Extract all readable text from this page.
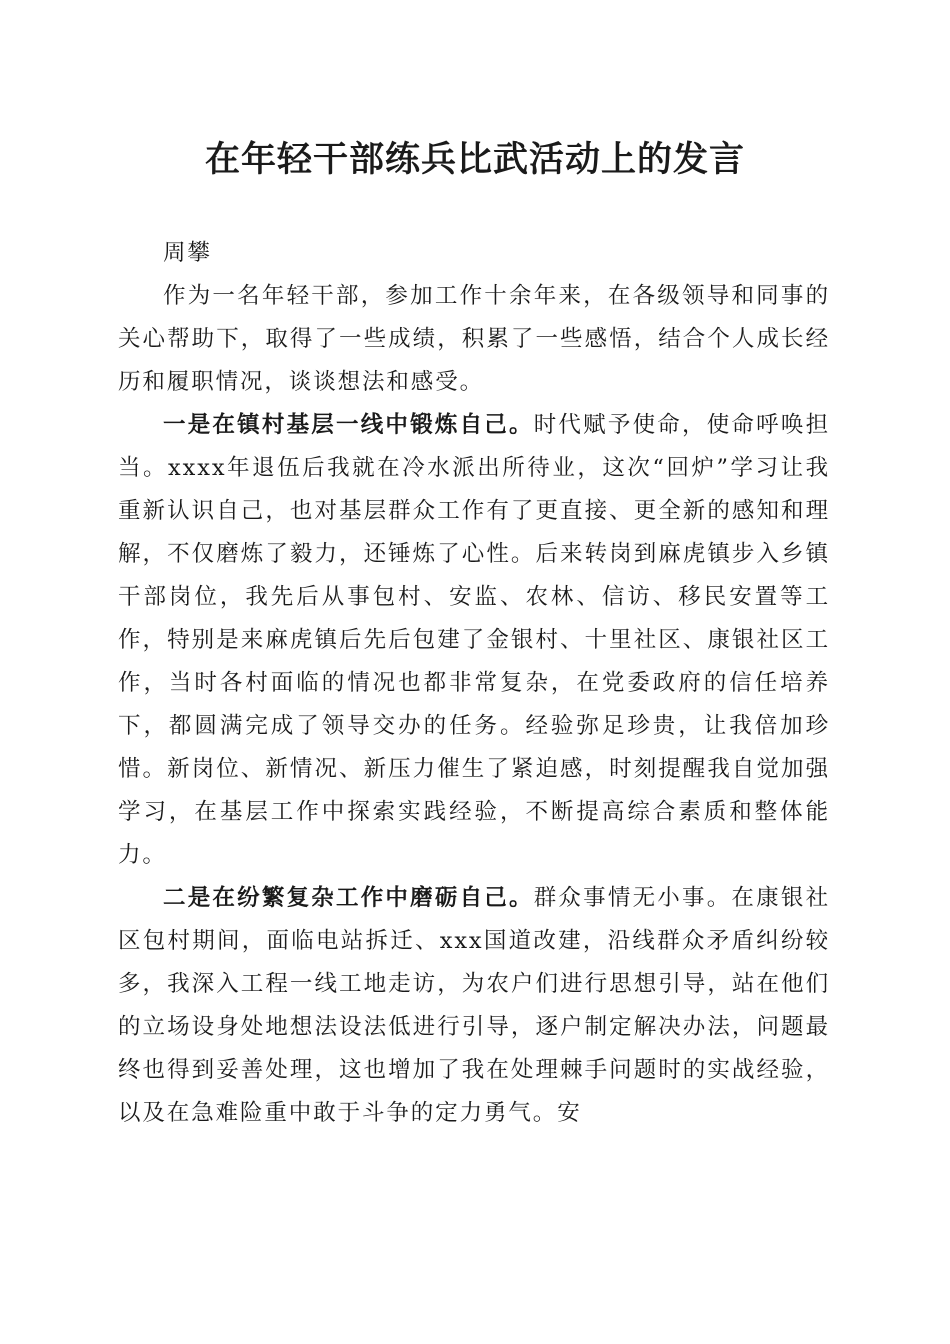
在年轻干部练兵比武活动上的发言

周攀

作为一名年轻干部，参加工作十余年来，在各级领导和同事的关心帮助下，取得了一些成绩，积累了一些感悟，结合个人成长经历和履职情况，谈谈想法和感受。

一是在镇村基层一线中锻炼自己。时代赋予使命，使命呼唤担当。xxxx年退伍后我就在冷水派出所待业，这次“回炉”学习让我重新认识自己，也对基层群众工作有了更直接、更全新的感知和理解，不仅磨炼了毅力，还锤炼了心性。后来转岗到麻虎镇步入乡镇干部岗位，我先后从事包村、安监、农林、信访、移民安置等工作，特别是来麻虎镇后先后包建了金银村、十里社区、康银社区工作，当时各村面临的情况也都非常复杂，在党委政府的信任培养下，都圆满完成了领导交办的任务。经验弥足珍贵，让我倍加珍惜。新岗位、新情况、新压力催生了紧迫感，时刻提醒我自觉加强学习，在基层工作中探索实践经验，不断提高综合素质和整体能力。

二是在纷繁复杂工作中磨砺自己。群众事情无小事。在康银社区包村期间，面临电站拆迁、xxx国道改建，沿线群众矛盾纠纷较多，我深入工程一线工地走访，为农户们进行思想引导，站在他们的立场设身处地想法设法低进行引导，逐户制定解决办法，问题最终也得到妥善处理，这也增加了我在处理棘手问题时的实战经验，以及在急难险重中敢于斗争的定力勇气。安
